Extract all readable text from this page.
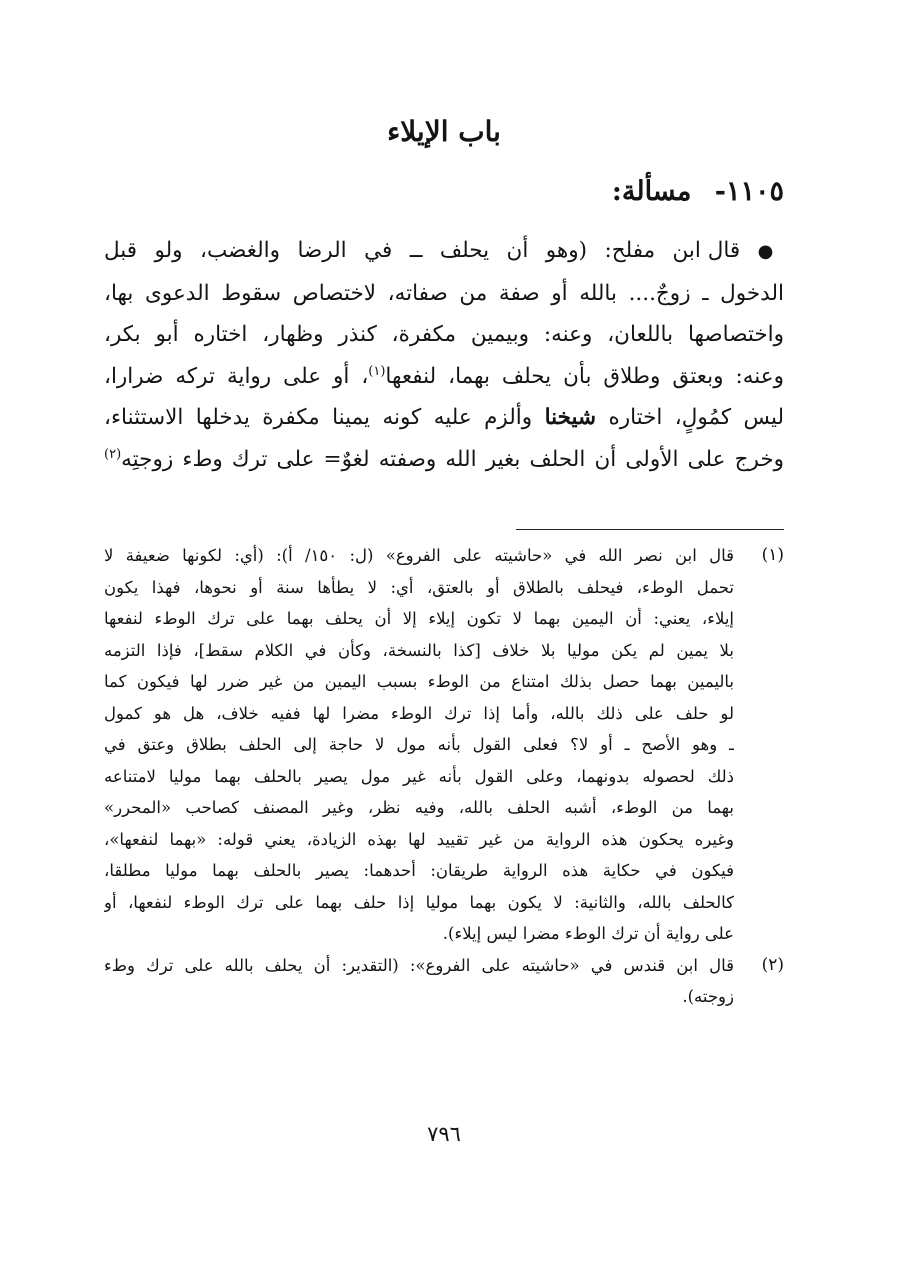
باب الإيلاء
١١٠٥- مسألة:
● قال ابن مفلح: (وهو أن يحلف ــ في الرضا والغضب، ولو قبل
الدخول ـ زوجٌ.... بالله أو صفة من صفاته، لاختصاص سقوط الدعوى بها،
واختصاصها باللعان، وعنه: وبيمين مكفرة، كنذر وظهار، اختاره أبو بكر،
وعنه: وبعتق وطلاق بأن يحلف بهما، لنفعها$^{(١)}$، أو على رواية تركه ضرارا،
ليس كمُولٍ، اختاره شيخنا وألزم عليه كونه يمينا مكفرة يدخلها الاستثناء،
وخرج على الأولى أن الحلف بغير الله وصفته لغوٌ= على ترك وطء زوجتِه$^{(٢)}$
(١)
قال ابن نصر الله في «حاشيته على الفروع» (ل: ١٥٠/ أ): (أي: لكونها ضعيفة لا
تحمل الوطء، فيحلف بالطلاق أو بالعتق، أي: لا يطأها سنة أو نحوها، فهذا يكون
إيلاء، يعني: أن اليمين بهما لا تكون إيلاء إلا أن يحلف بهما على ترك الوطء لنفعها
بلا يمين لم يكن موليا بلا خلاف [كذا بالنسخة، وكأن في الكلام سقط]، فإذا التزمه
باليمين بهما حصل بذلك امتناع من الوطء بسبب اليمين من غير ضرر لها فيكون كما
لو حلف على ذلك بالله، وأما إذا ترك الوطء مضرا لها ففيه خلاف، هل هو كمول
ـ وهو الأصح ـ أو لا؟ فعلى القول بأنه مول لا حاجة إلى الحلف بطلاق وعتق في
ذلك لحصوله بدونهما، وعلى القول بأنه غير مول يصير بالحلف بهما موليا لامتناعه
بهما من الوطء، أشبه الحلف بالله، وفيه نظر، وغير المصنف كصاحب «المحرر»
وغيره يحكون هذه الرواية من غير تقييد لها بهذه الزيادة، يعني قوله: «بهما لنفعها»،
فيكون في حكاية هذه الرواية طريقان: أحدهما: يصير بالحلف بهما موليا مطلقا،
كالحلف بالله، والثانية: لا يكون بهما موليا إذا حلف بهما على ترك الوطء لنفعها، أو
على رواية أن ترك الوطء مضرا ليس إيلاء).
(٢)
قال ابن قندس في «حاشيته على الفروع»: (التقدير: أن يحلف بالله على ترك وطء
زوجته).

٧٩٦
